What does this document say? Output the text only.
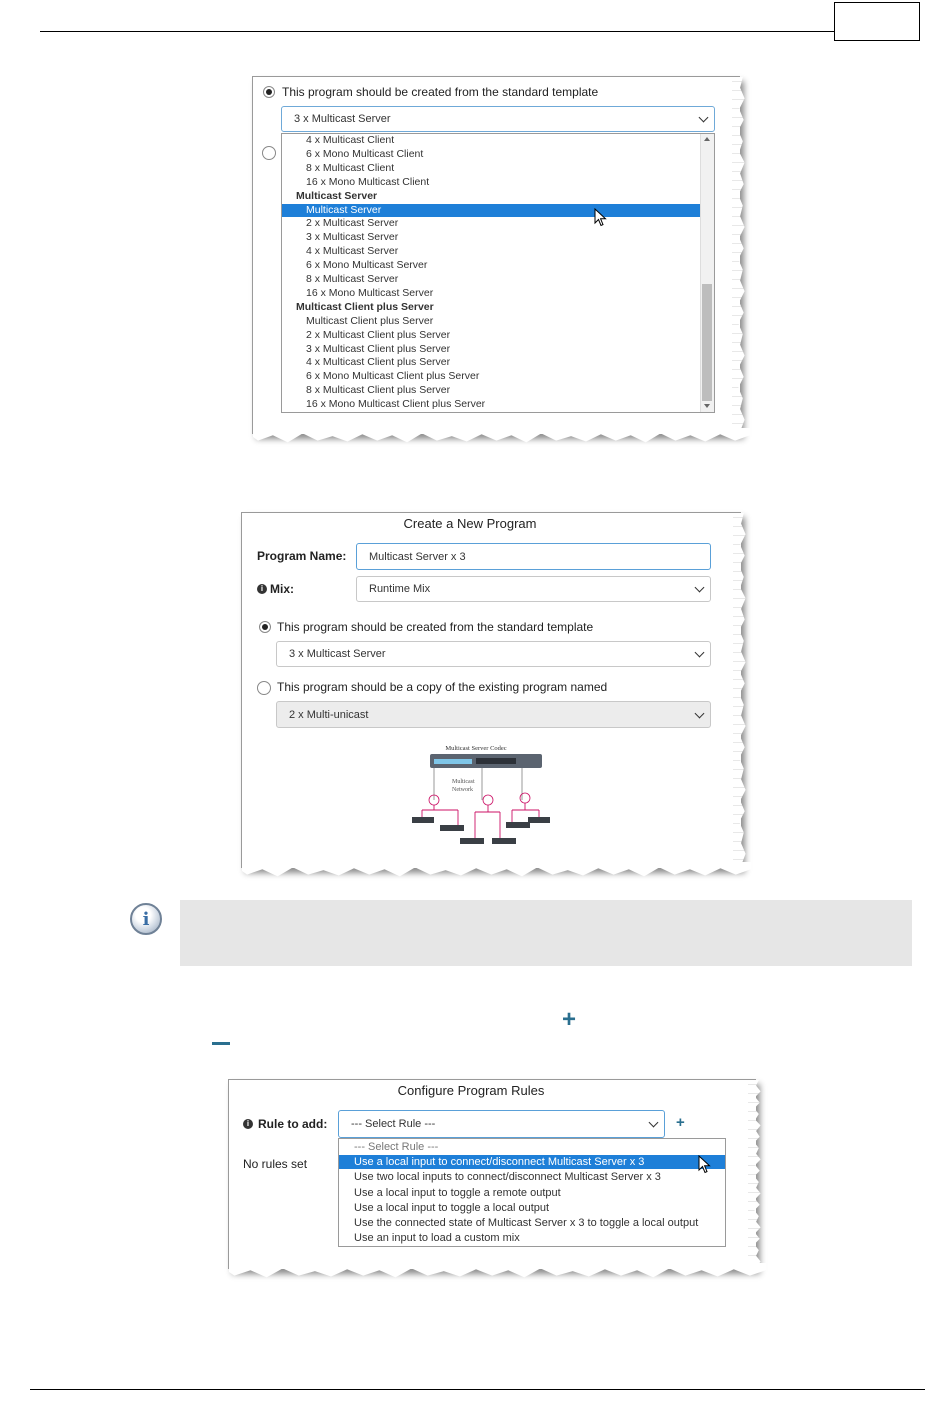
This program should be created from the standard template
3 x Multicast Server
4 x Multicast Client
6 x Mono Multicast Client
8 x Multicast Client
16 x Mono Multicast Client
Multicast Server
Multicast Server
2 x Multicast Server
3 x Multicast Server
4 x Multicast Server
6 x Mono Multicast Server
8 x Multicast Server
16 x Mono Multicast Server
Multicast Client plus Server
Multicast Client plus Server
2 x Multicast Client plus Server
3 x Multicast Client plus Server
4 x Multicast Client plus Server
6 x Mono Multicast Client plus Server
8 x Multicast Client plus Server
16 x Mono Multicast Client plus Server
Create a New Program
Program Name: Multicast Server x 3
i Mix:	Runtime Mix
This program should be created from the standard template
3 x Multicast Server
This program should be a copy of the existing program named
2 x Multi-unicast
Multicast Server Codec
Multicast
Network
i
+
Configure Program Rules
i Rule to add: --- Select Rule ---	+
No rules set
--- Select Rule ---
Use a local input to connect/disconnect Multicast Server x 3
Use two local inputs to connect/disconnect Multicast Server x 3
Use a local input to toggle a remote output
Use a local input to toggle a local output
Use the connected state of Multicast Server x 3 to toggle a local output
Use an input to load a custom mix
